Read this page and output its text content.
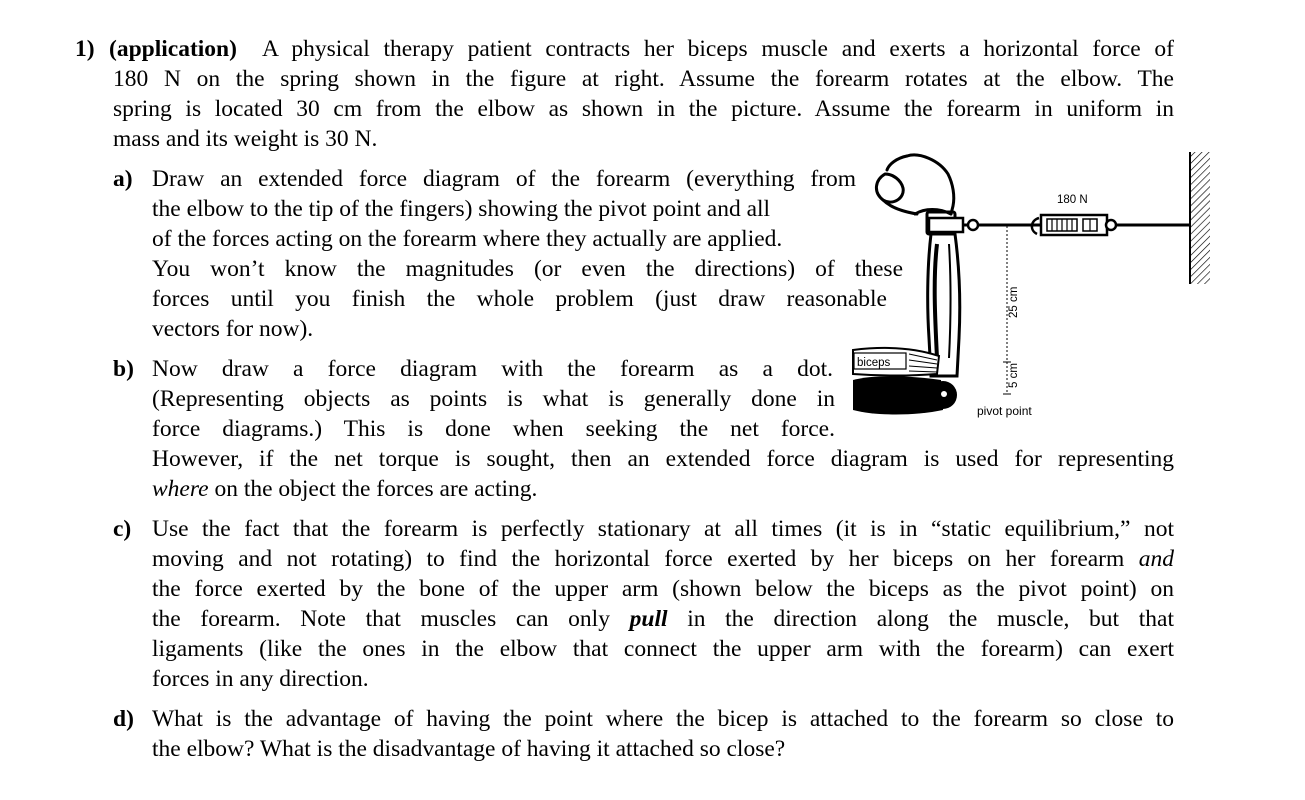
1) (application) A physical therapy patient contracts her biceps muscle and exerts a horizontal force of
180 N on the spring shown in the figure at right. Assume the forearm rotates at the elbow. The
spring is located 30 cm from the elbow as shown in the picture. Assume the forearm in uniform in
mass and its weight is 30 N.
a) Draw an extended force diagram of the forearm (everything from
the elbow to the tip of the fingers) showing the pivot point and all
of the forces acting on the forearm where they actually are applied.
You won’t know the magnitudes (or even the directions) of these
forces until you finish the whole problem (just draw reasonable
vectors for now).
b) Now draw a force diagram with the forearm as a dot.
(Representing objects as points is what is generally done in
force diagrams.) This is done when seeking the net force.
However, if the net torque is sought, then an extended force diagram is used for representing
where on the object the forces are acting.
c) Use the fact that the forearm is perfectly stationary at all times (it is in “static equilibrium,” not
moving and not rotating) to find the horizontal force exerted by her biceps on her forearm and
the force exerted by the bone of the upper arm (shown below the biceps as the pivot point) on
the forearm. Note that muscles can only pull in the direction along the muscle, but that
ligaments (like the ones in the elbow that connect the upper arm with the forearm) can exert
forces in any direction.
d) What is the advantage of having the point where the bicep is attached to the forearm so close to
the elbow? What is the disadvantage of having it attached so close?
180 N
25 cm
5 cm
biceps
pivot point
